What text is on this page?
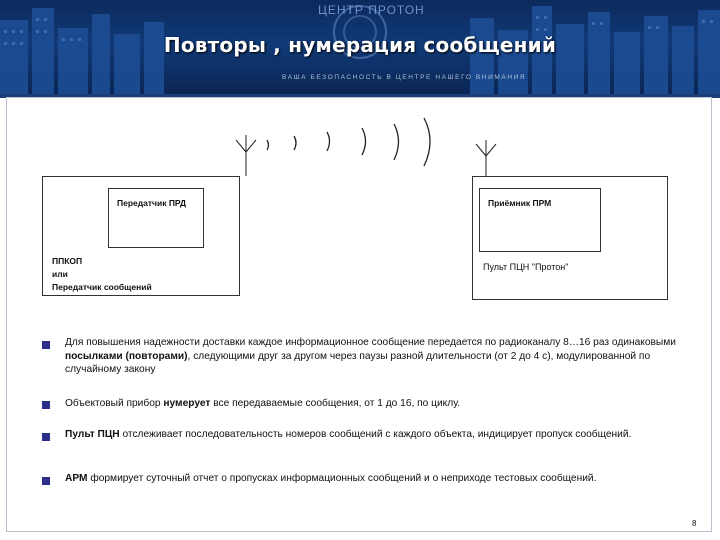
ЦЕНТР ПРОТОН
Повторы , нумерация сообщений
ВАША БЕЗОПАСНОСТЬ В ЦЕНТРЕ НАШЕГО ВНИМАНИЯ
Передатчик ПРД
ППКОП
или
Передатчик сообщений
Приёмник ПРМ
Пульт ПЦН "Протон"
Для повышения надежности доставки каждое информационное сообщение передается по радиоканалу 8…16 раз одинаковыми посылками (повторами), следующими друг за другом через паузы разной длительности (от 2 до 4 с), модулированной по случайному закону
Объектовый прибор нумерует все передаваемые сообщения, от 1 до 16, по циклу.
Пульт ПЦН отслеживает последовательность номеров сообщений с каждого объекта, индицирует пропуск сообщений.
АРМ формирует суточный отчет о пропусках информационных сообщений и о неприходе тестовых сообщений.
8
